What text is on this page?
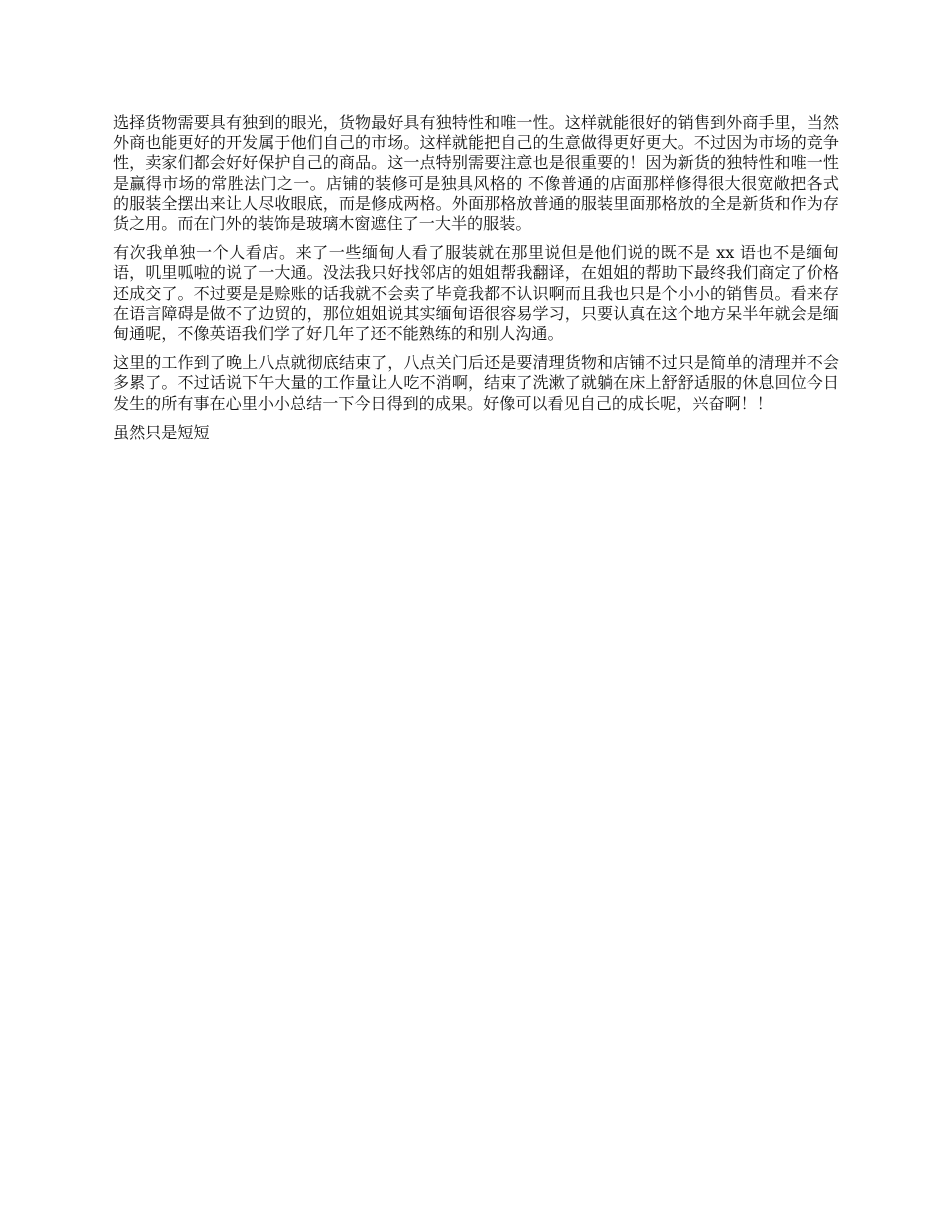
选择货物需要具有独到的眼光，货物最好具有独特性和唯一性。这样就能很好的销售到外商手里，当然外商也能更好的开发属于他们自己的市场。这样就能把自己的生意做得更好更大。不过因为市场的竞争性，卖家们都会好好保护自己的商品。这一点特别需要注意也是很重要的！因为新货的独特性和唯一性是赢得市场的常胜法门之一。店铺的装修可是独具风格的 不像普通的店面那样修得很大很宽敞把各式的服装全摆出来让人尽收眼底，而是修成两格。外面那格放普通的服装里面那格放的全是新货和作为存货之用。而在门外的装饰是玻璃木窗遮住了一大半的服装。

有次我单独一个人看店。来了一些缅甸人看了服装就在那里说但是他们说的既不是 xx 语也不是缅甸语，叽里呱啦的说了一大通。没法我只好找邻店的姐姐帮我翻译，在姐姐的帮助下最终我们商定了价格还成交了。不过要是是赊账的话我就不会卖了毕竟我都不认识啊而且我也只是个小小的销售员。看来存在语言障碍是做不了边贸的，那位姐姐说其实缅甸语很容易学习，只要认真在这个地方呆半年就会是缅甸通呢，不像英语我们学了好几年了还不能熟练的和别人沟通。

这里的工作到了晚上八点就彻底结束了，八点关门后还是要清理货物和店铺不过只是简单的清理并不会多累了。不过话说下午大量的工作量让人吃不消啊，结束了洗漱了就躺在床上舒舒适服的休息回位今日发生的所有事在心里小小总结一下今日得到的成果。好像可以看见自己的成长呢，兴奋啊！！

虽然只是短短
